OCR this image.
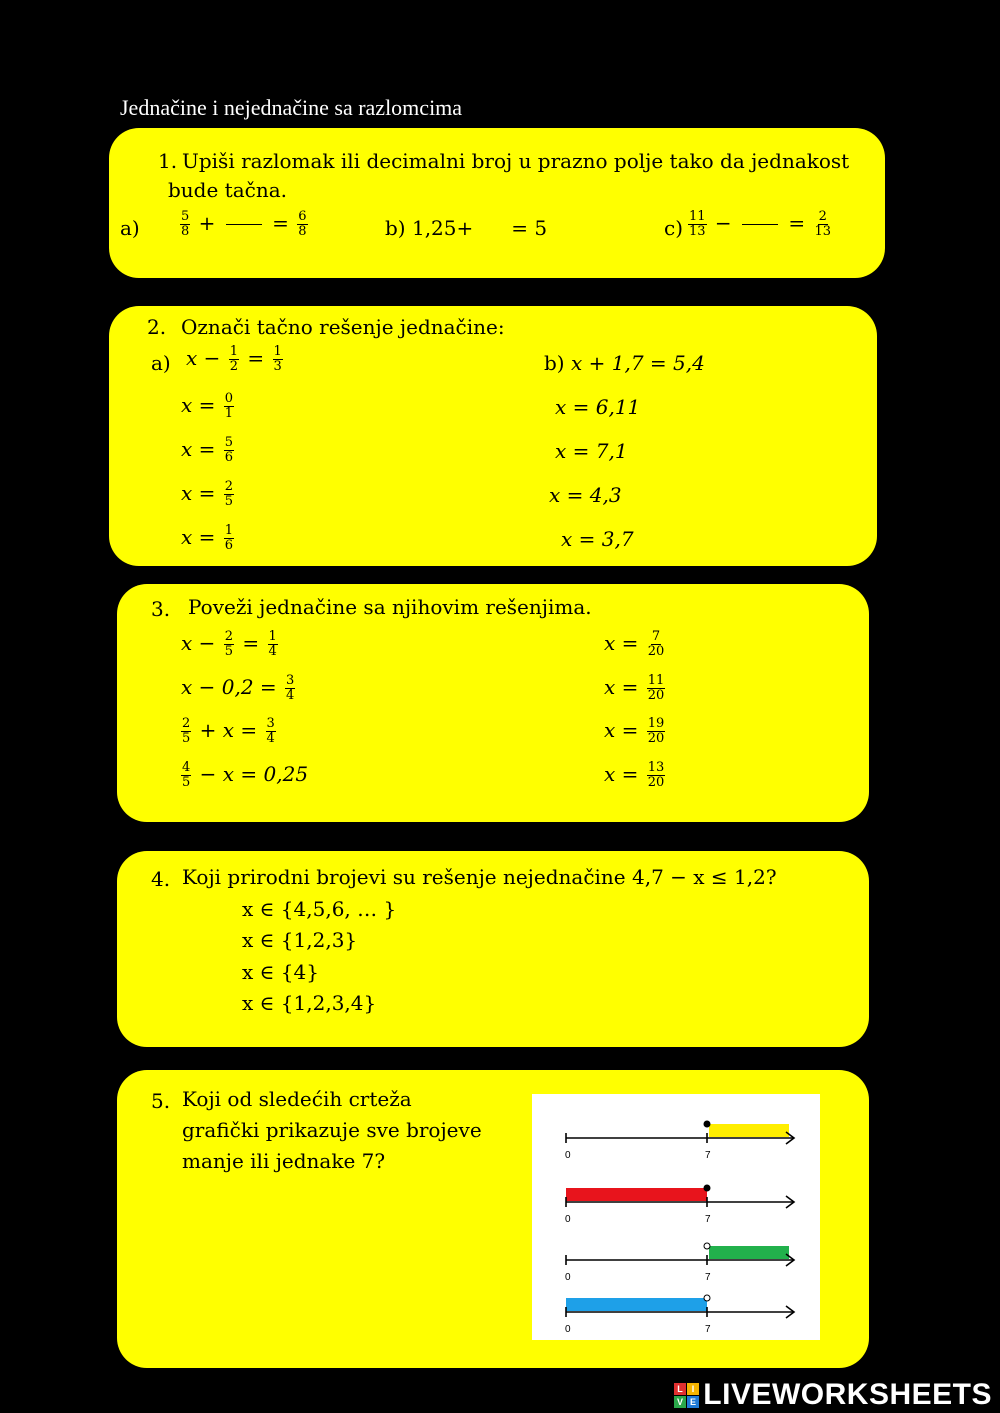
Jednačine i nejednačine sa razlomcima
1. Upiši razlomak ili decimalni broj u prazno polje tako da jednakost
bude tačna.
a)	$\frac{5}{8}$ +	= $\frac{6}{8}$	b) 1,25+ = 5	$c) \frac{11}{13}$ −	= $\frac{2}{13}$
2. Označi tačno rešenje jednačine:
a) $x - \frac{1}{2} = \frac{1}{3}$
$x = \frac{0}{1}$
$x = \frac{5}{6}$
$x = \frac{2}{5}$
$x = \frac{1}{6}$
b) x + 1,7 = 5,4
x = 6,11
x = 7,1
x = 4,3
x = 3,7
3. Poveži jednačine sa njihovim rešenjima.
$x - \frac{2}{5} = \frac{1}{4}$
$x - 0,2 = \frac{3}{4}$
$\frac{2}{5} + x = \frac{3}{4}$
$\frac{4}{5} - x = 0,25$
$x = \frac{7}{20}$
$x = \frac{11}{20}$
$x = \frac{19}{20}$
$x = \frac{13}{20}$
4. Koji prirodni brojevi su rešenje nejednačine 4,7 − x ≤ 1,2?
x ∈ {4,5,6, … }
x ∈ {1,2,3}
x ∈ {4}
x ∈ {1,2,3,4}
5. Koji od sledećih crteža
grafički prikazuje sve brojeve
manje ili jednake 7?	0	7
0	7
0	7
0	7
L I
V E LIVEWORKSHEETS
